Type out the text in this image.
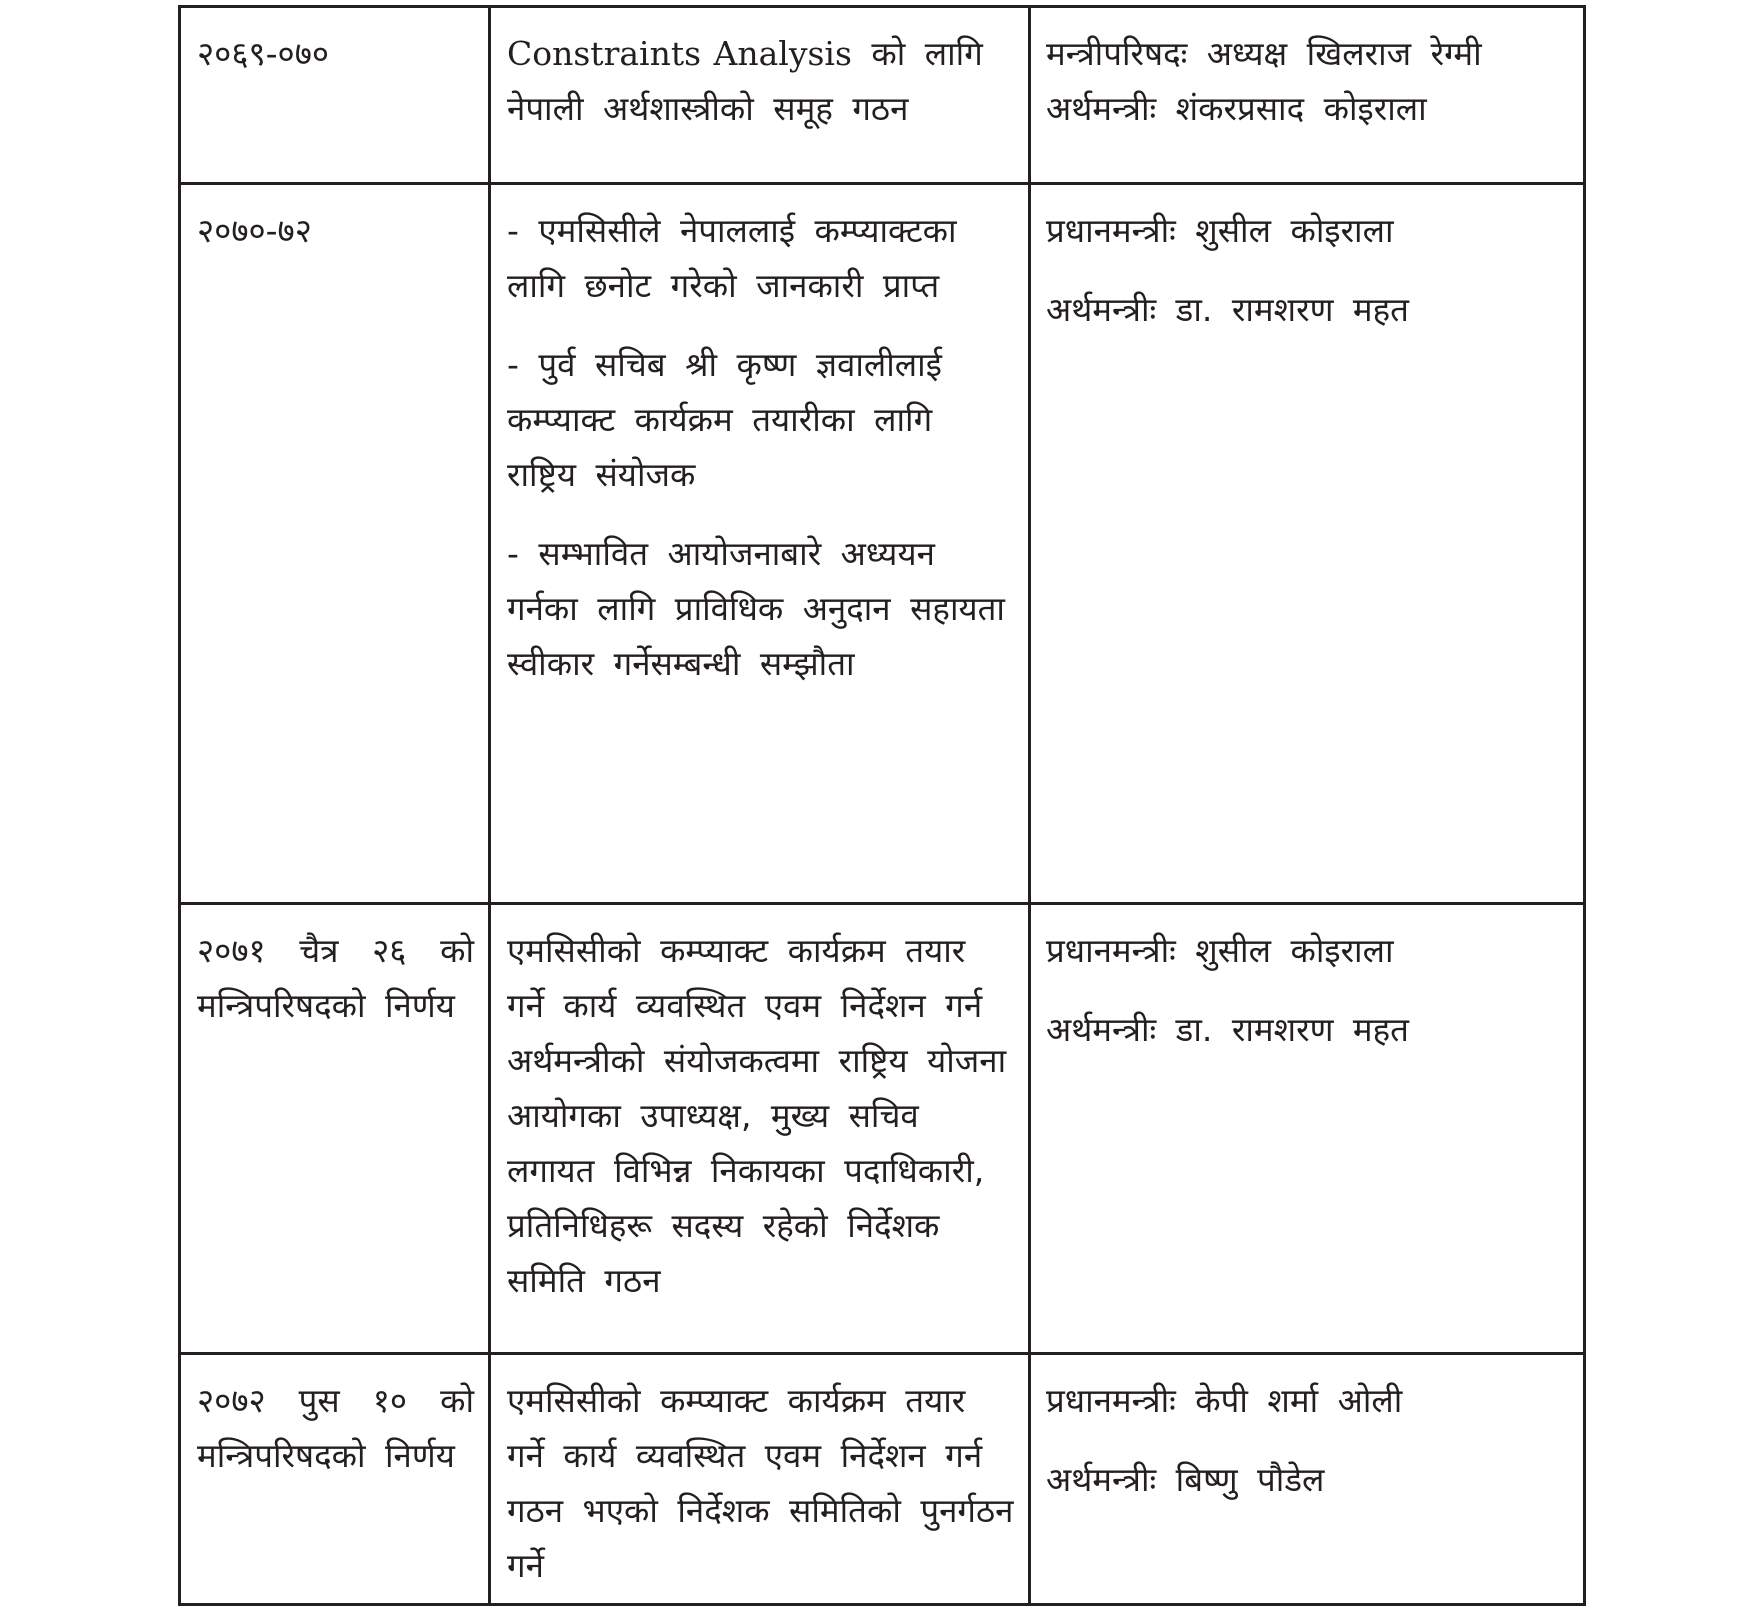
२०६९-०७०	Constraints Analysis को लागि नेपाली अर्थशास्त्रीको समूह गठन	मन्त्रीपरिषदः अध्यक्ष खिलराज रेग्मी अर्थमन्त्रीः शंकरप्रसाद कोइराला

२०७०-७२	- एमसिसीले नेपाललाई कम्प्याक्टका लागि छनोट गरेको जानकारी प्राप्त
- पुर्व सचिब श्री कृष्ण ज्ञवालीलाई कम्प्याक्ट कार्यक्रम तयारीका लागि राष्ट्रिय संयोजक
- सम्भावित आयोजनाबारे अध्ययन गर्नका लागि प्राविधिक अनुदान सहायता स्वीकार गर्नेसम्बन्धी सम्झौता	प्रधानमन्त्रीः शुसील कोइराला
अर्थमन्त्रीः डा. रामशरण महत

२०७१ चैत्र २६ को मन्त्रिपरिषदको निर्णय	एमसिसीको कम्प्याक्ट कार्यक्रम तयार गर्ने कार्य व्यवस्थित एवम निर्देशन गर्न अर्थमन्त्रीको संयोजकत्वमा राष्ट्रिय योजना आयोगका उपाध्यक्ष, मुख्य सचिव लगायत विभिन्न निकायका पदाधिकारी, प्रतिनिधिहरू सदस्य रहेको निर्देशक समिति गठन	प्रधानमन्त्रीः शुसील कोइराला
अर्थमन्त्रीः डा. रामशरण महत

२०७२ पुस १० को मन्त्रिपरिषदको निर्णय	एमसिसीको कम्प्याक्ट कार्यक्रम तयार गर्ने कार्य व्यवस्थित एवम निर्देशन गर्न गठन भएको निर्देशक समितिको पुनर्गठन गर्ने	प्रधानमन्त्रीः केपी शर्मा ओली
अर्थमन्त्रीः बिष्णु पौडेल
